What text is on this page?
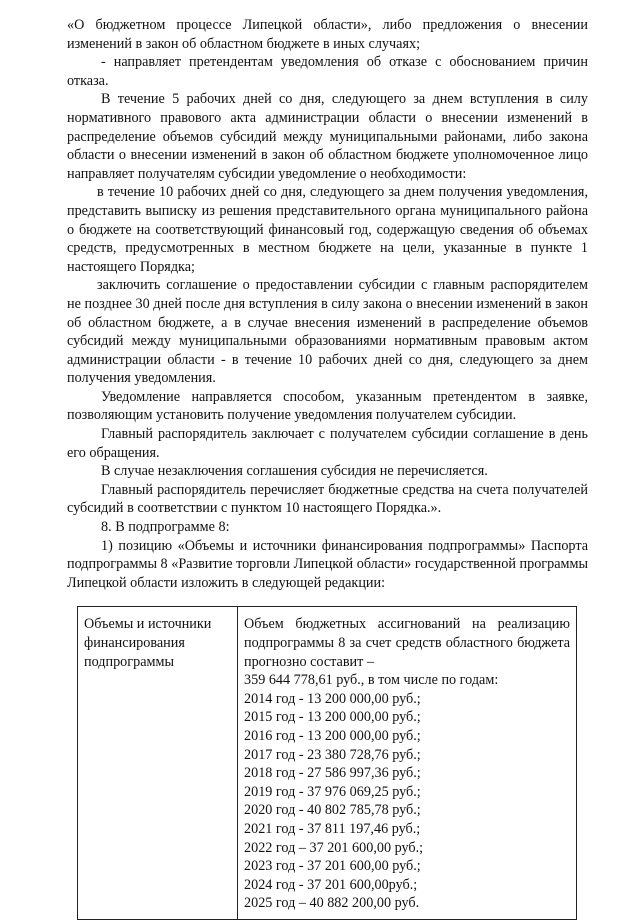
«О бюджетном процессе Липецкой области», либо предложения о внесении изменений в закон об областном бюджете в иных случаях;

- направляет претендентам уведомления об отказе с обоснованием причин отказа.

В течение 5 рабочих дней со дня, следующего за днем вступления в силу нормативного правового акта администрации области о внесении изменений в распределение объемов субсидий между муниципальными районами, либо закона области о внесении изменений в закон об областном бюджете уполномоченное лицо направляет получателям субсидии уведомление о необходимости:

в течение 10 рабочих дней со дня, следующего за днем получения уведомления, представить выписку из решения представительного органа муниципального района о бюджете на соответствующий финансовый год, содержащую сведения об объемах средств, предусмотренных в местном бюджете на цели, указанные в пункте 1 настоящего Порядка;

заключить соглашение о предоставлении субсидии с главным распорядителем не позднее 30 дней после дня вступления в силу закона о внесении изменений в закон об областном бюджете, а в случае внесения изменений в распределение объемов субсидий между муниципальными образованиями нормативным правовым актом администрации области - в течение 10 рабочих дней со дня, следующего за днем получения уведомления.

Уведомление направляется способом, указанным претендентом в заявке, позволяющим установить получение уведомления получателем субсидии.

Главный распорядитель заключает с получателем субсидии соглашение в день его обращения.

В случае незаключения соглашения субсидия не перечисляется.

Главный распорядитель перечисляет бюджетные средства на счета получателей субсидий в соответствии с пунктом 10 настоящего Порядка.».

8. В подпрограмме 8:

1) позицию «Объемы и источники финансирования подпрограммы» Паспорта подпрограммы 8 «Развитие торговли Липецкой области» государственной программы Липецкой области изложить в следующей редакции:

Объемы и источники финансирования подпрограммы
Объем бюджетных ассигнований на реализацию подпрограммы 8 за счет средств областного бюджета прогнозно составит –
359 644 778,61 руб., в том числе по годам:
2014 год - 13 200 000,00 руб.;
2015 год - 13 200 000,00 руб.;
2016 год - 13 200 000,00 руб.;
2017 год - 23 380 728,76 руб.;
2018 год - 27 586 997,36 руб.;
2019 год - 37 976 069,25 руб.;
2020 год - 40 802 785,78 руб.;
2021 год - 37 811 197,46 руб.;
2022 год – 37 201 600,00 руб.;
2023 год - 37 201 600,00 руб.;
2024 год - 37 201 600,00руб.;
2025 год – 40 882 200,00 руб.
